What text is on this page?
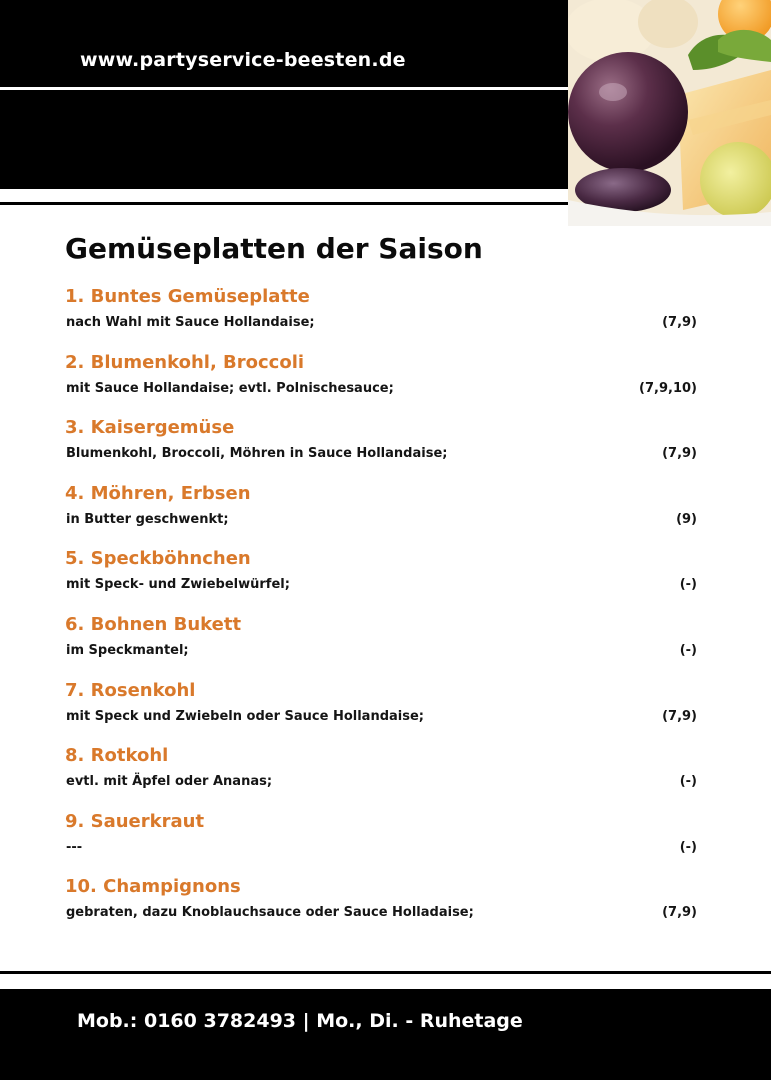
www.partyservice-beesten.de
Gemüseplatten der Saison
1. Buntes Gemüseplatte
nach Wahl mit Sauce Hollandaise;	(7,9)
2. Blumenkohl, Broccoli
mit Sauce Hollandaise; evtl. Polnischesauce;	(7,9,10)
3. Kaisergemüse
Blumenkohl, Broccoli, Möhren in Sauce Hollandaise;	(7,9)
4. Möhren, Erbsen
in Butter geschwenkt;	(9)
5. Speckböhnchen
mit Speck- und Zwiebelwürfel;	(-)
6. Bohnen Bukett
im Speckmantel;	(-)
7. Rosenkohl
mit Speck und Zwiebeln oder Sauce Hollandaise;	(7,9)
8. Rotkohl
evtl. mit Äpfel oder Ananas;	(-)
9. Sauerkraut
---	(-)
10. Champignons
gebraten, dazu Knoblauchsauce oder Sauce Holladaise;	(7,9)
Mob.: 0160 3782493 | Mo., Di. - Ruhetage
